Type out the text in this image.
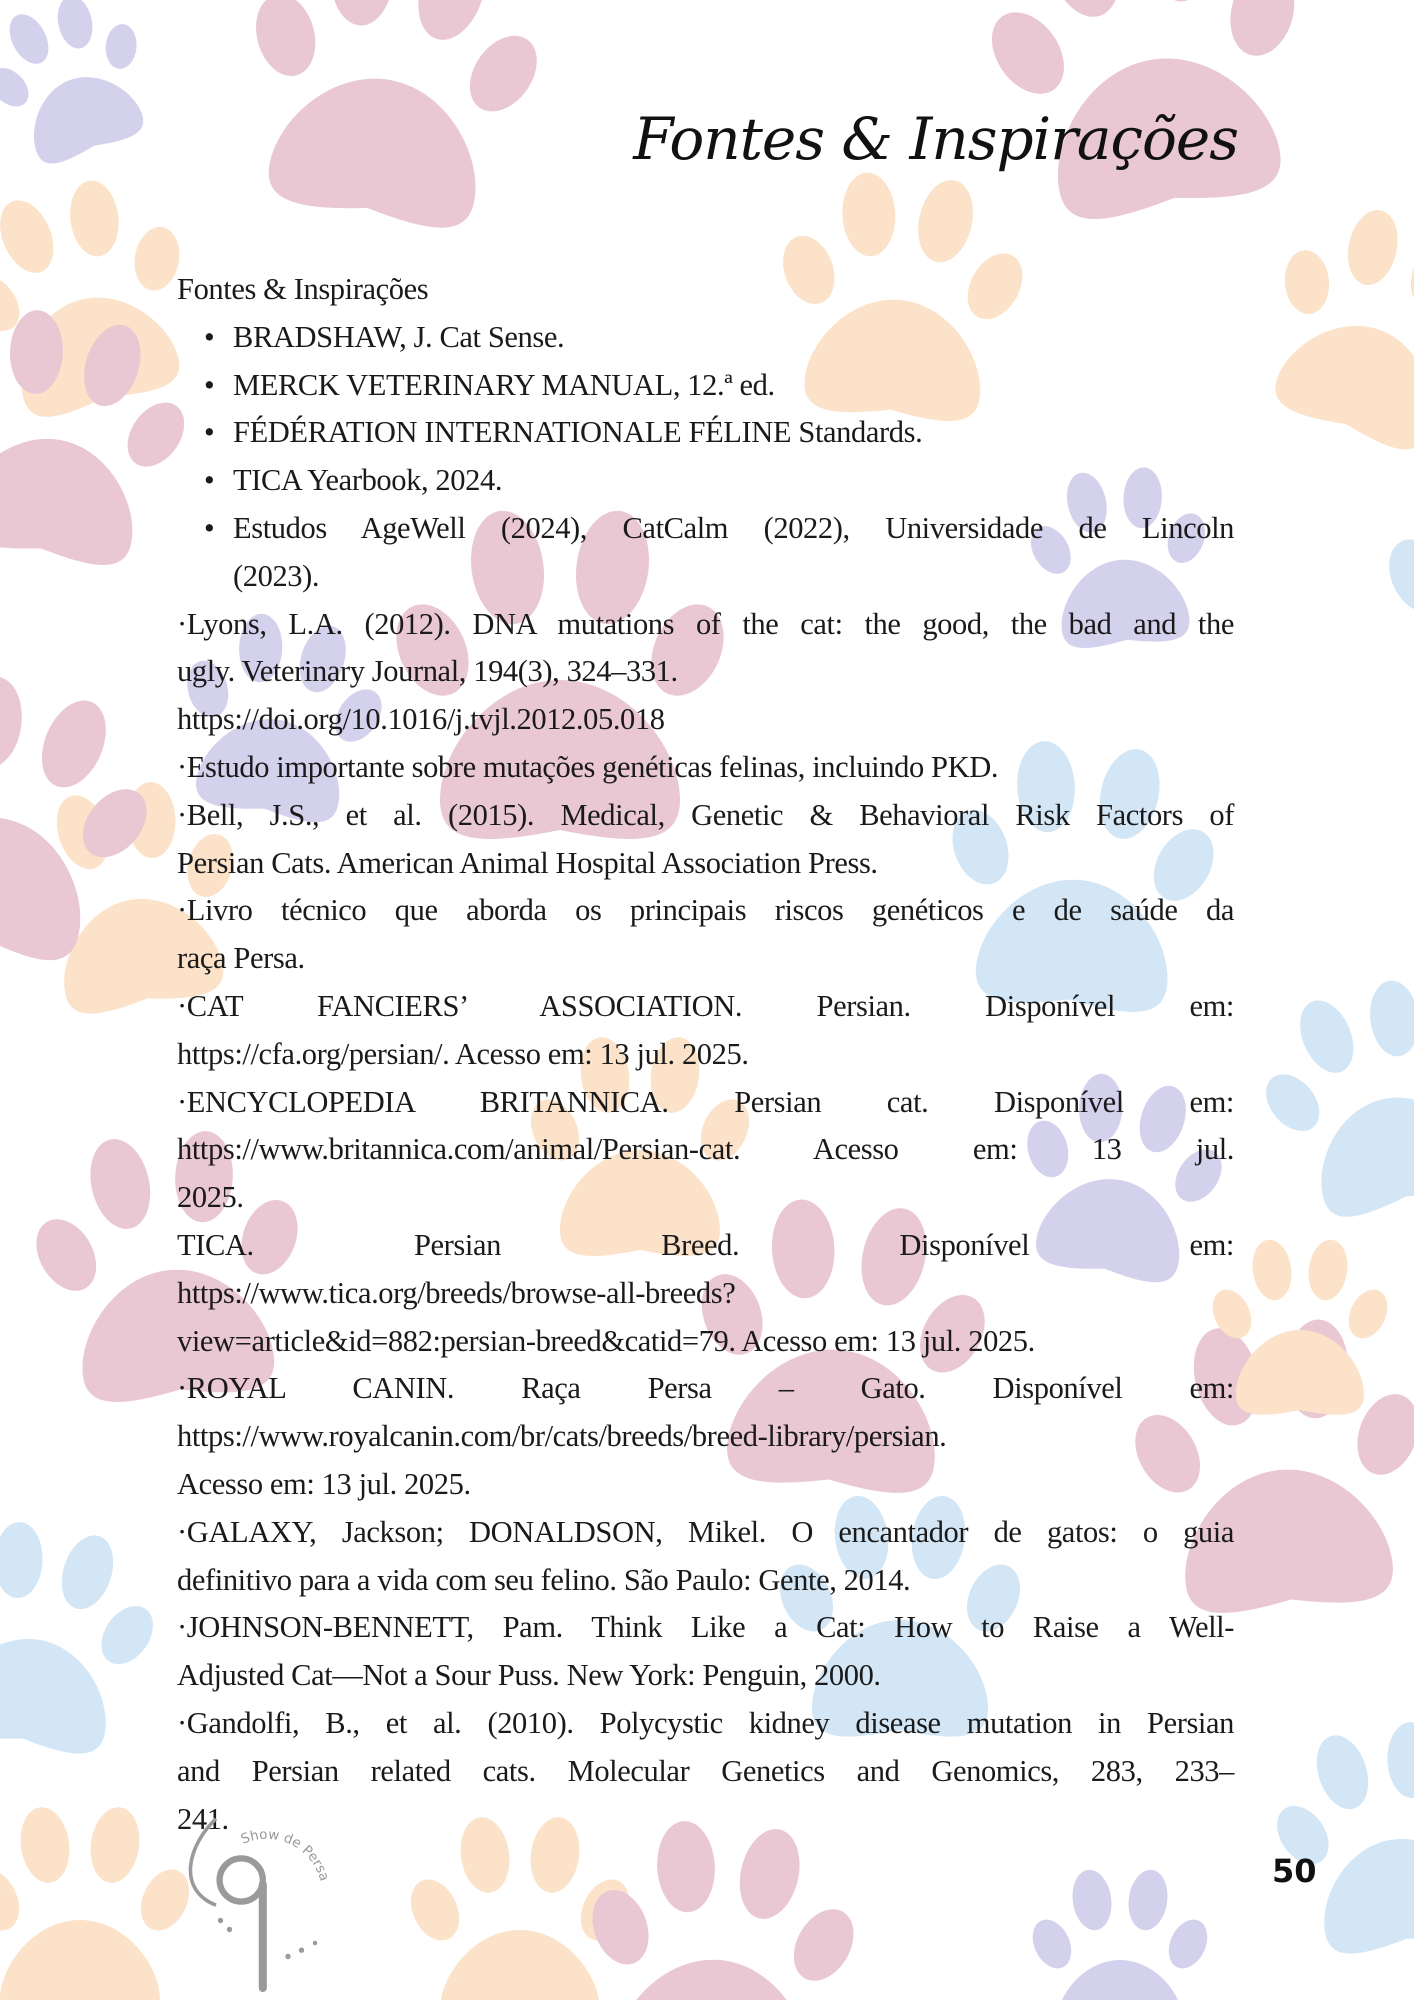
Fontes & Inspirações
Fontes & Inspirações
• BRADSHAW, J. Cat Sense.
• MERCK VETERINARY MANUAL, 12.ª ed.
• FÉDÉRATION INTERNATIONALE FÉLINE Standards.
• TICA Yearbook, 2024.
• Estudos AgeWell (2024), CatCalm (2022), Universidade de Lincoln
(2023).
·Lyons, L.A. (2012). DNA mutations of the cat: the good, the bad and the
ugly. Veterinary Journal, 194(3), 324–331.
https://doi.org/10.1016/j.tvjl.2012.05.018
·Estudo importante sobre mutações genéticas felinas, incluindo PKD.
·Bell, J.S., et al. (2015). Medical, Genetic & Behavioral Risk Factors of
Persian Cats. American Animal Hospital Association Press.
·Livro técnico que aborda os principais riscos genéticos e de saúde da
raça Persa.
·CAT FANCIERS’ ASSOCIATION. Persian. Disponível em:
https://cfa.org/persian/. Acesso em: 13 jul. 2025.
·ENCYCLOPEDIA BRITANNICA. Persian cat. Disponível em:
https://www.britannica.com/animal/Persian-cat. Acesso em: 13 jul.
2025.
TICA. Persian Breed. Disponível em:
https://www.tica.org/breeds/browse-all-breeds?
view=article&id=882:persian-breed&catid=79. Acesso em: 13 jul. 2025.
·ROYAL CANIN. Raça Persa – Gato. Disponível em:
https://www.royalcanin.com/br/cats/breeds/breed-library/persian.
Acesso em: 13 jul. 2025.
·GALAXY, Jackson; DONALDSON, Mikel. O encantador de gatos: o guia
definitivo para a vida com seu felino. São Paulo: Gente, 2014.
·JOHNSON-BENNETT, Pam. Think Like a Cat: How to Raise a Well-
Adjusted Cat—Not a Sour Puss. New York: Penguin, 2000.
·Gandolfi, B., et al. (2010). Polycystic kidney disease mutation in Persian
and Persian related cats. Molecular Genetics and Genomics, 283, 233–
241.
Show de Persa	50
